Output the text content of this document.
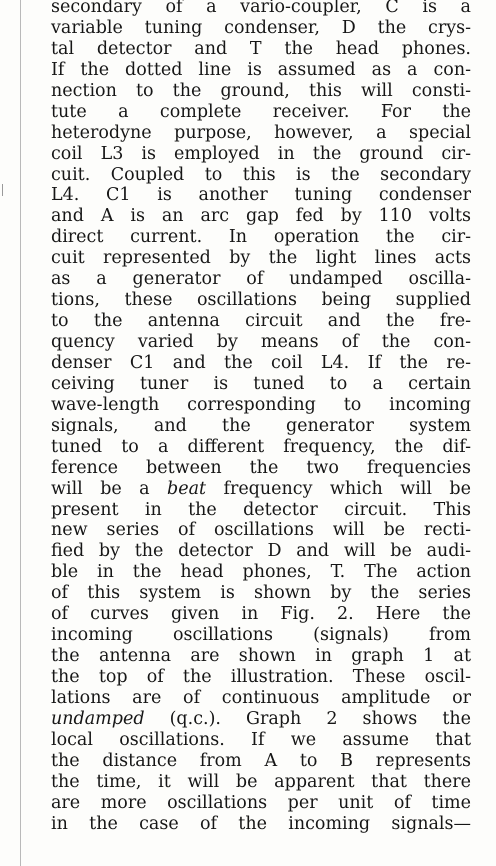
secondary of a vario-coupler, C is a
variable tuning condenser, D the crys-
tal detector and T the head phones.
If the dotted line is assumed as a con-
nection to the ground, this will consti-
tute a complete receiver. For the
heterodyne purpose, however, a special
coil L3 is employed in the ground cir-
cuit. Coupled to this is the secondary
L4. C1 is another tuning condenser
and A is an arc gap fed by 110 volts
direct current. In operation the cir-
cuit represented by the light lines acts
as a generator of undamped oscilla-
tions, these oscillations being supplied
to the antenna circuit and the fre-
quency varied by means of the con-
denser C1 and the coil L4. If the re-
ceiving tuner is tuned to a certain
wave-length corresponding to incoming
signals, and the generator system
tuned to a different frequency, the dif-
ference between the two frequencies
will be a beat frequency which will be
present in the detector circuit. This
new series of oscillations will be recti-
fied by the detector D and will be audi-
ble in the head phones, T. The action
of this system is shown by the series
of curves given in Fig. 2. Here the
incoming oscillations (signals) from
the antenna are shown in graph 1 at
the top of the illustration. These oscil-
lations are of continuous amplitude or
undamped (q.c.). Graph 2 shows the
local oscillations. If we assume that
the distance from A to B represents
the time, it will be apparent that there
are more oscillations per unit of time
in the case of the incoming signals—
